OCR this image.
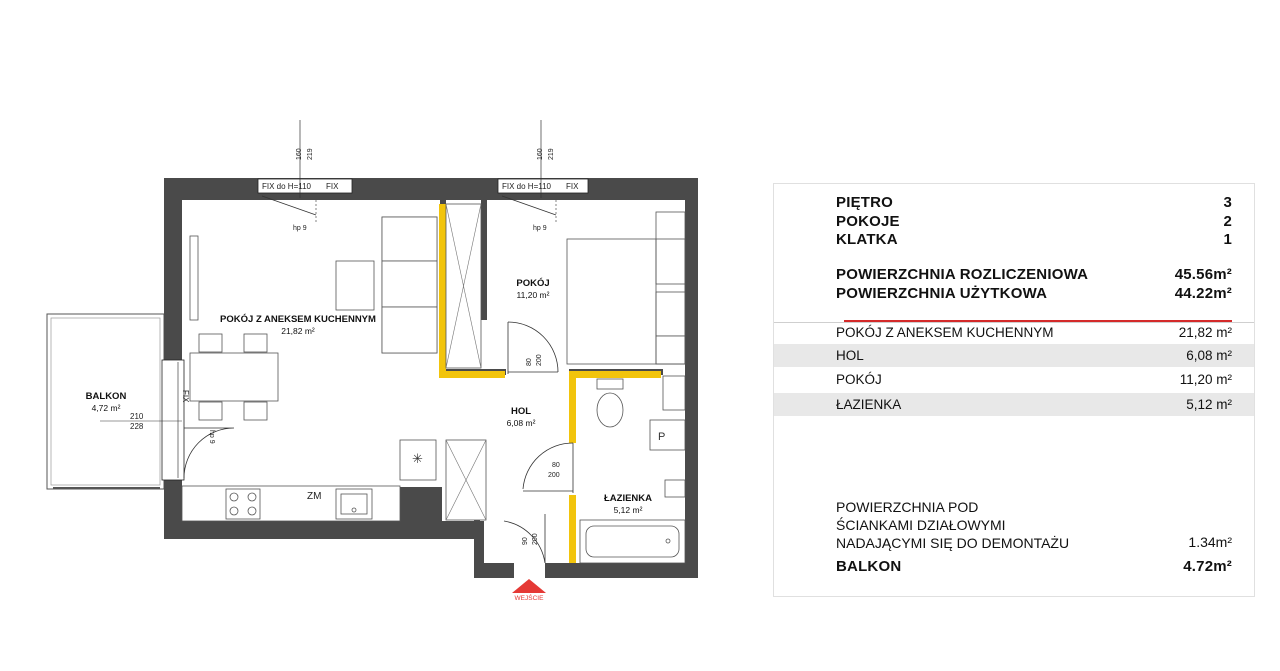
FIX do H=110 FIX
160 219
hp 9
FIX do H=110 FIX
160 219
hp 9
FIX
210
228
hp 9
✳
ZM
P
80 200
80
200
90 200
POKÓJ Z ANEKSEM KUCHENNYM
21,82 m²
POKÓJ
11,20 m²
HOL
6,08 m²
ŁAZIENKA
5,12 m²
BALKON
4,72 m²
WEJŚCIE
PIĘTRO	3
POKOJE	2
KLATKA	1
POWIERZCHNIA ROZLICZENIOWA	45.56m²
POWIERZCHNIA UŻYTKOWA	44.22m²
POKÓJ Z ANEKSEM KUCHENNYM	21,82 m²
HOL	6,08 m²
POKÓJ	11,20 m²
ŁAZIENKA	5,12 m²
POWIERZCHNIA POD
ŚCIANKAMI DZIAŁOWYMI
NADAJĄCYMI SIĘ DO DEMONTAŻU	1.34m²
BALKON	4.72m²
